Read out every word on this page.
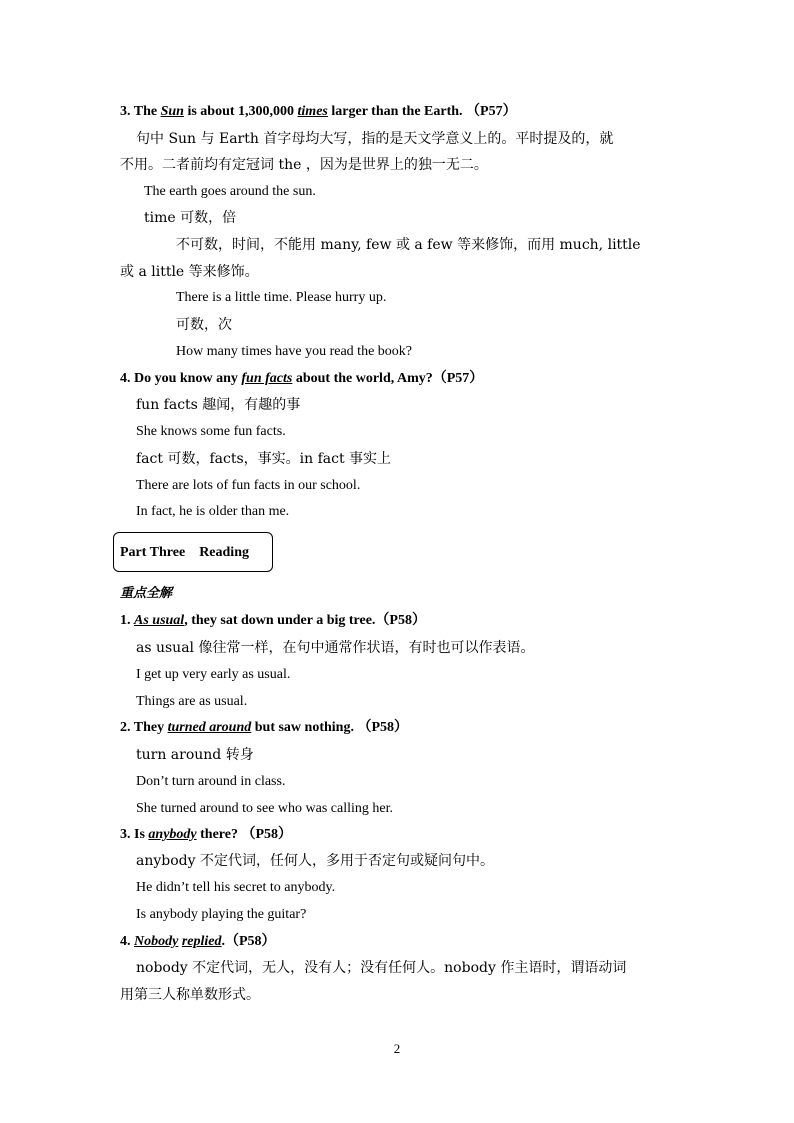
3. The Sun is about 1,300,000 times larger than the Earth. （P57）
句中 Sun 与 Earth 首字母均大写，指的是天文学意义上的。平时提及的，就
不用。二者前均有定冠词 the ，因为是世界上的独一无二。
The earth goes around the sun.
time 可数，倍
不可数，时间，不能用 many, few 或 a few 等来修饰，而用 much, little
或 a little 等来修饰。
There is a little time. Please hurry up.
可数，次
How many times have you read the book?
4. Do you know any fun facts about the world, Amy?（P57）
fun facts 趣闻，有趣的事
She knows some fun facts.
fact 可数，facts，事实。in fact 事实上
There are lots of fun facts in our school.
In fact, he is older than me.
Part Three    Reading
重点全解
1. As usual, they sat down under a big tree.（P58）
as usual 像往常一样，在句中通常作状语，有时也可以作表语。
I get up very early as usual.
Things are as usual.
2. They turned around but saw nothing. （P58）
turn around 转身
Don’t turn around in class.
She turned around to see who was calling her.
3. Is anybody there? （P58）
anybody 不定代词，任何人，多用于否定句或疑问句中。
He didn’t tell his secret to anybody.
Is anybody playing the guitar?
4. Nobody replied.（P58）
nobody 不定代词，无人，没有人；没有任何人。nobody 作主语时，谓语动词
用第三人称单数形式。
2
